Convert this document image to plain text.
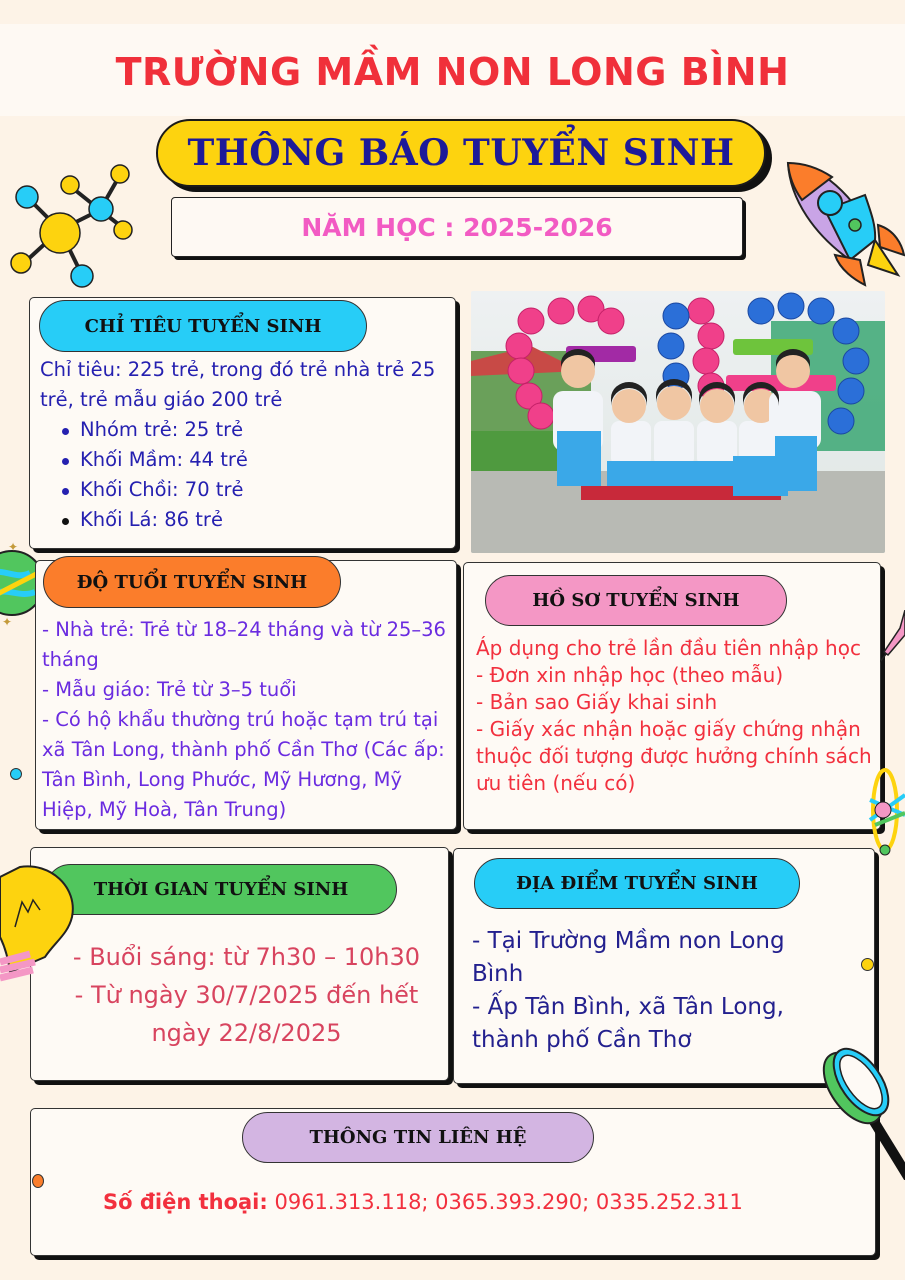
TRƯỜNG MẦM NON LONG BÌNH
THÔNG BÁO TUYỂN SINH
NĂM HỌC : 2025-2026
CHỈ TIÊU TUYỂN SINH
Chỉ tiêu: 225 trẻ, trong đó trẻ nhà trẻ 25 trẻ, trẻ mẫu giáo 200 trẻ
Nhóm trẻ: 25 trẻ
Khối Mầm: 44 trẻ
Khối Chồi: 70 trẻ
Khối Lá: 86 trẻ
✦
✦
ĐỘ TUỔI TUYỂN SINH
- Nhà trẻ: Trẻ từ 18–24 tháng và từ 25–36 tháng
- Mẫu giáo: Trẻ từ 3–5 tuổi
- Có hộ khẩu thường trú hoặc tạm trú tại xã Tân Long, thành phố Cần Thơ (Các ấp: Tân Bình, Long Phước, Mỹ Hương, Mỹ Hiệp, Mỹ Hoà, Tân Trung)
HỒ SƠ TUYỂN SINH
Áp dụng cho trẻ lần đầu tiên nhập học
- Đơn xin nhập học (theo mẫu)
- Bản sao Giấy khai sinh
- Giấy xác nhận hoặc giấy chứng nhận thuộc đối tượng được hưởng chính sách ưu tiên (nếu có)
THỜI GIAN TUYỂN SINH
- Buổi sáng: từ 7h30 – 10h30
- Từ ngày 30/7/2025 đến hết ngày 22/8/2025
ĐỊA ĐIỂM TUYỂN SINH
- Tại Trường Mầm non Long Bình
- Ấp Tân Bình, xã Tân Long, thành phố Cần Thơ
THÔNG TIN LIÊN HỆ
Số điện thoại: 0961.313.118; 0365.393.290; 0335.252.311
